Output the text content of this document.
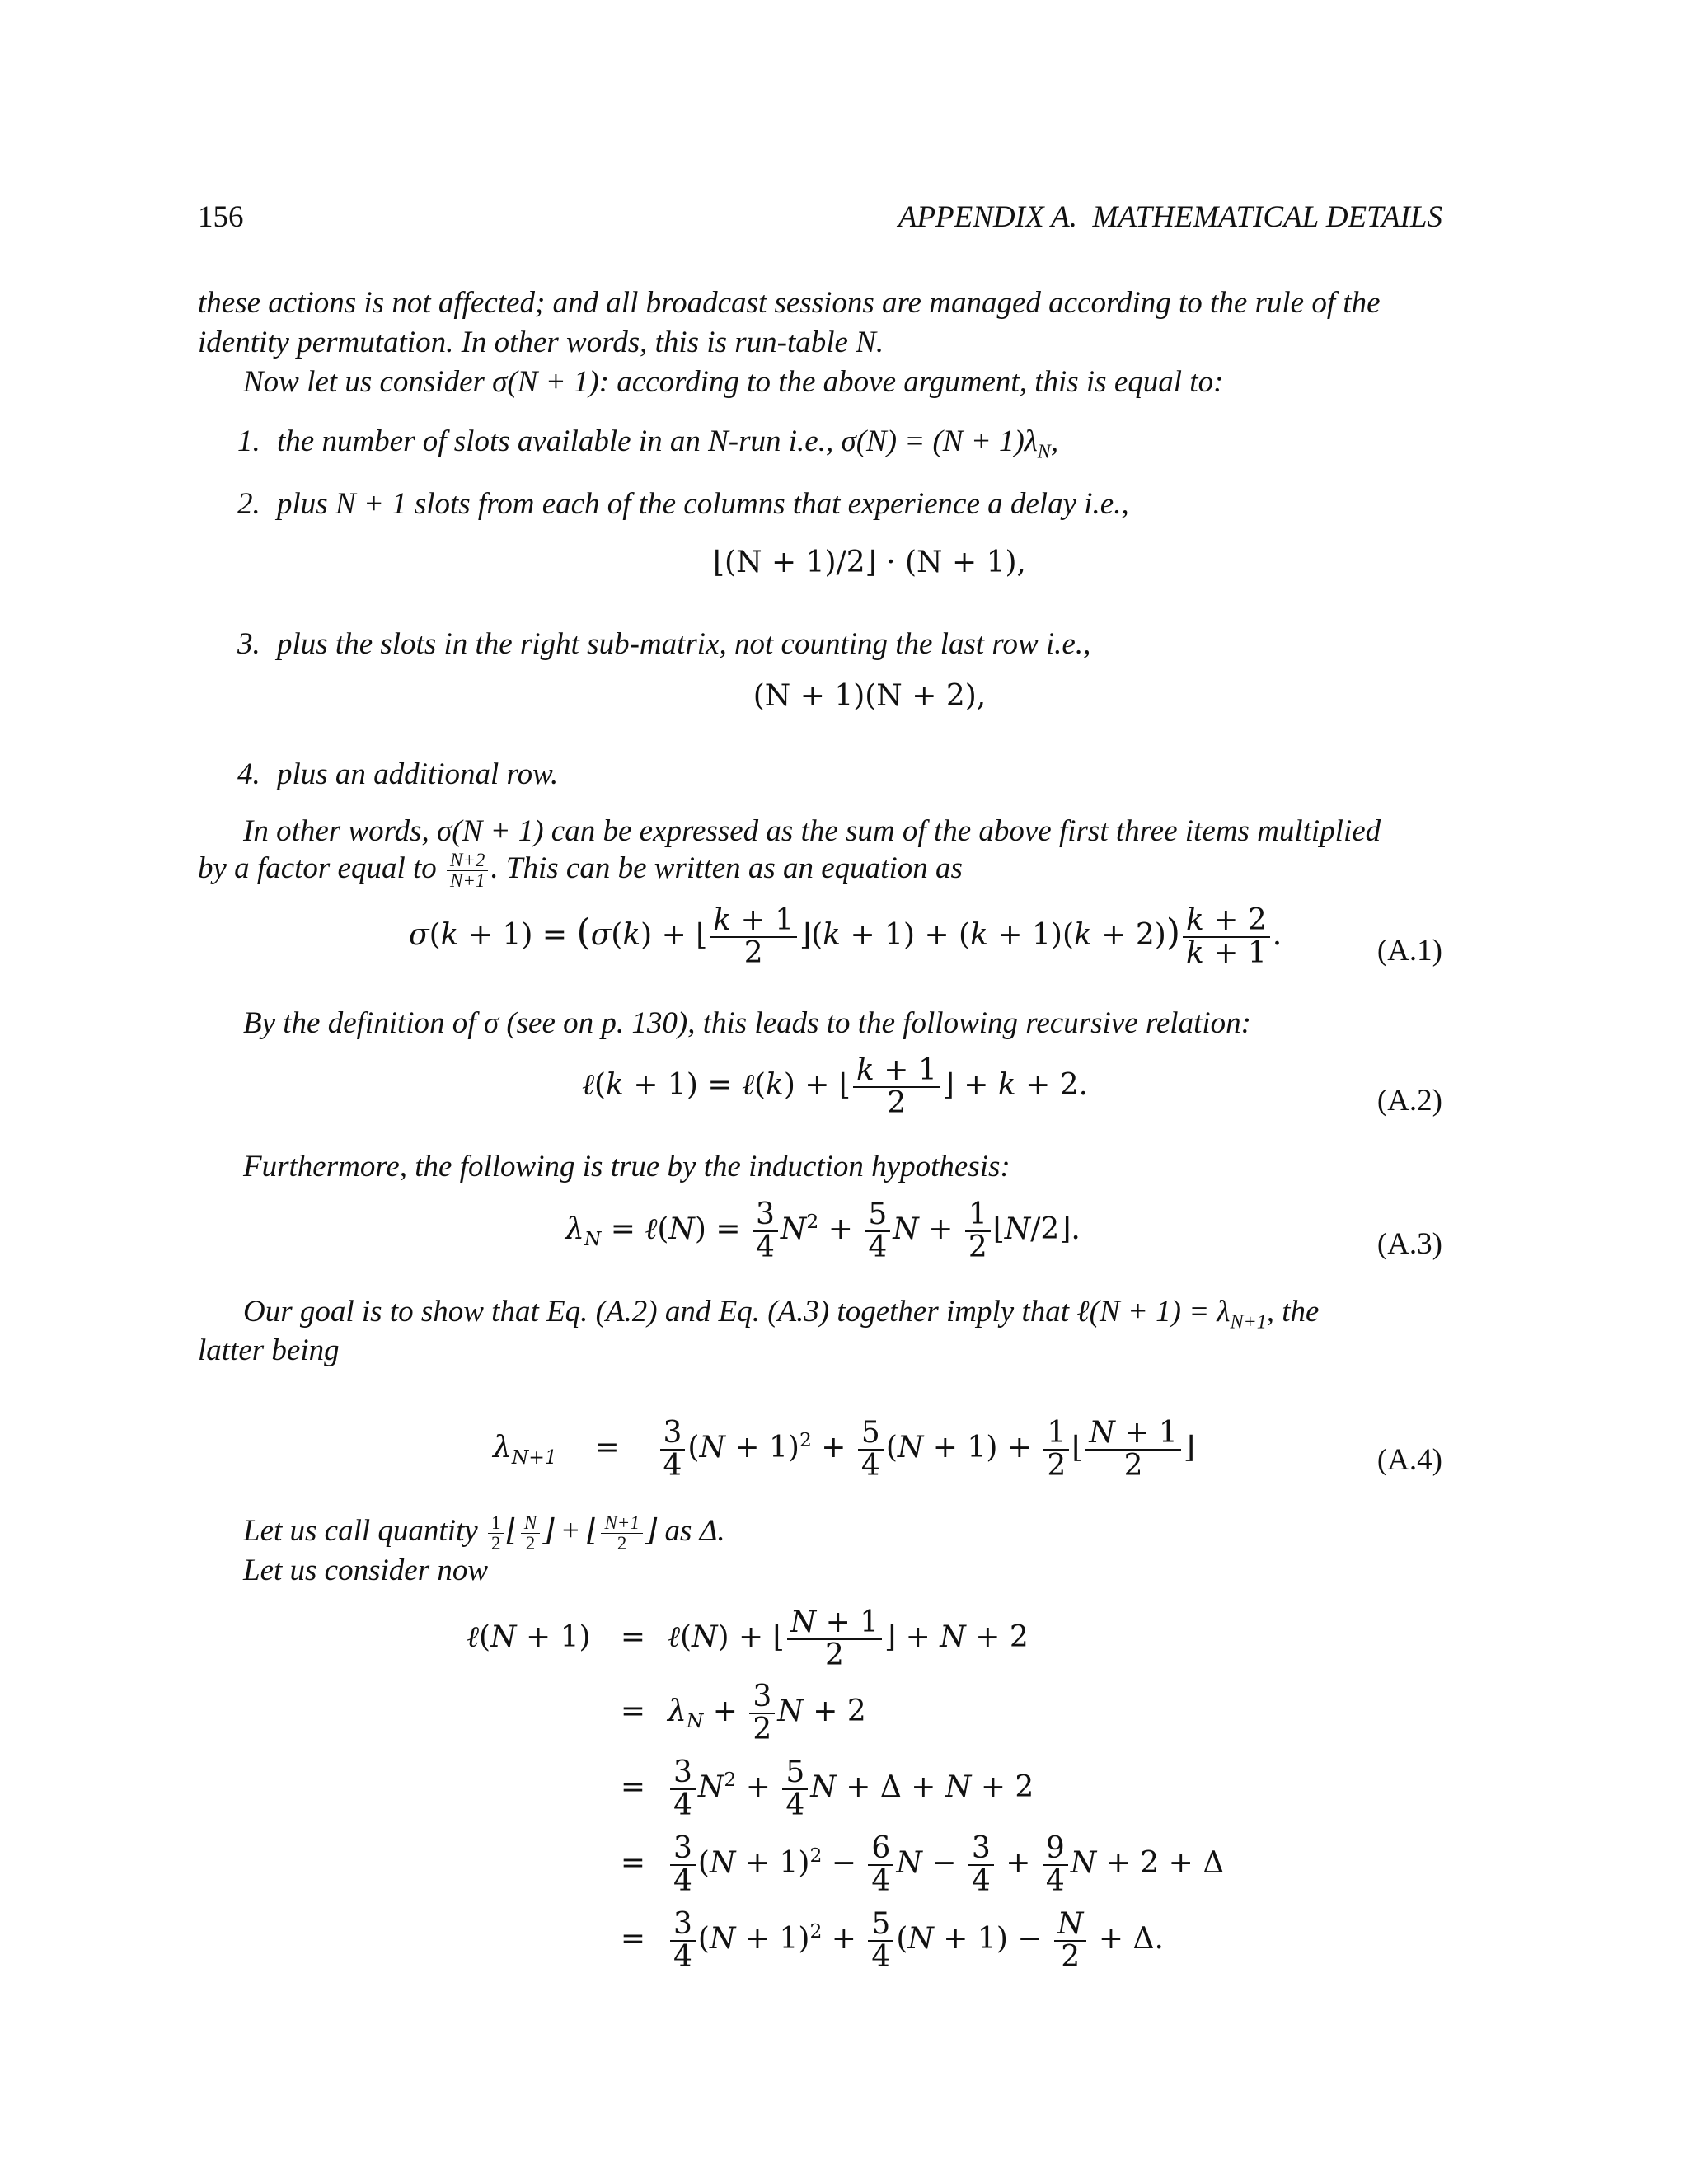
156	APPENDIX A.  MATHEMATICAL DETAILS
these actions is not affected; and all broadcast sessions are managed according to the rule of the
identity permutation. In other words, this is run-table N.
Now let us consider σ(N + 1): according to the above argument, this is equal to:
1. the number of slots available in an N-run i.e., $\sigma(N) = (N + 1)\lambda_N$,
2. plus N + 1 slots from each of the columns that experience a delay i.e.,
⌊(N + 1)/2⌋ · (N + 1),
3. plus the slots in the right sub-matrix, not counting the last row i.e.,
(N + 1)(N + 2),
4. plus an additional row.
In other words, σ(N + 1) can be expressed as the sum of the above first three items multiplied
by a factor equal to $\frac{N+2}{N+1}$ . This can be written as an equation as
σ(k + 1) = (σ(k) + ⌊ $\frac{k + 1}{2}$ ⌋(k + $1) + (k + 1)(k + 2)) \frac{k + 2}{k + 1}$ .	(A.1)
By the definition of σ (see on p. 130), this leads to the following recursive relation:
ℓ(k + 1) = ℓ(k) + ⌊ $\frac{k + 1}{2}$ ⌋ + k + 2.	(A.2)
Furthermore, the following is true by the induction hypothesis:
$\lambda_N$ = ℓ(N) = $\frac{3}{4} N^2 + \frac{5}{4}$ $N + \frac{1}{2}$ ⌊N/2⌋.	(A.3)
Our goal is to show that Eq. (A.2) and Eq. (A.3) together imply that ℓ(N + $1) = \lambda_{N+1}$, the
latter being
$\lambda_{N+1}$    = $\frac{3}{4} (N + 1)^2 + \frac{5}{4} (N + 1) + \frac{1}{2}$ ⌊ $\frac{N + 1}{2}$ ⌋	(A.4)
Let us call quantity $\frac{1}{2}$ ⌊ $\frac{N}{2}$ ⌋ + ⌊ $\frac{N+1}{2}$ ⌋ as Δ.
Let us consider now
ℓ(N + 1) = ℓ(N) + ⌊ $\frac{N + 1}{2}$ ⌋ + N + 2
= $\lambda_N + \frac{3}{2}$ N + 2
= $\frac{3}{4} N^2 + \frac{5}{4}$ N + Δ + N + 2
= $\frac{3}{4} (N + 1)^2 - \frac{6}{4}$ $N - \frac{3}{4} + \frac{9}{4}$ N + 2 + Δ
= $\frac{3}{4} (N + 1)^2 + \frac{5}{4} (N + 1) - \frac{N}{2} + \Delta$.
